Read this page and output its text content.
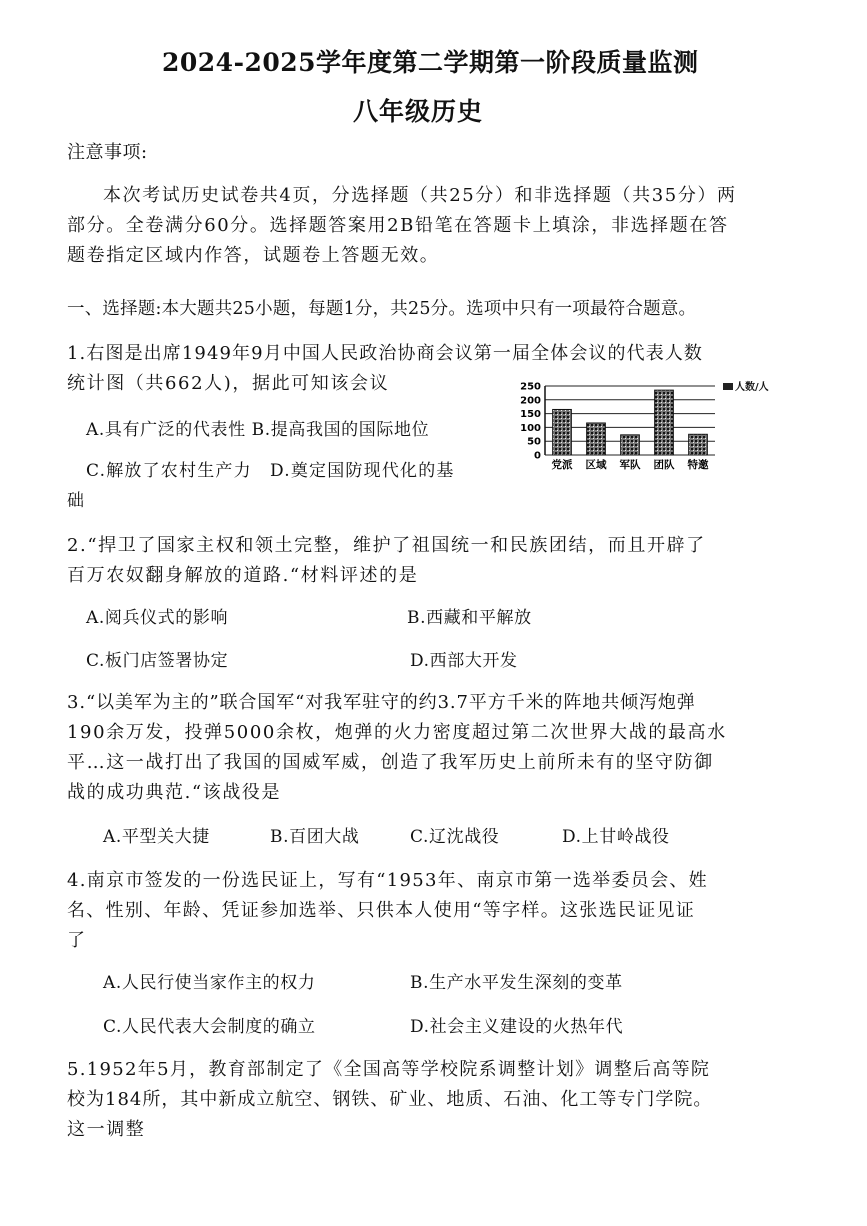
2024-2025学年度第二学期第一阶段质量监测
八年级历史
注意事项:
本次考试历史试卷共4页，分选择题（共25分）和非选择题（共35分）两
部分。全卷满分60分。选择题答案用2B铅笔在答题卡上填涂，非选择题在答
题卷指定区域内作答，试题卷上答题无效。
一、选择题:本大题共25小题，每题1分，共25分。选项中只有一项最符合题意。
1.右图是出席1949年9月中国人民政治协商会议第一届全体会议的代表人数
统计图（共662人)，据此可知该会议
A.具有广泛的代表性 B.提高我国的国际地位
C.解放了农村生产力　D.奠定国防现代化的基
础
0
50
100
150
200
250
党派 区域 军队 团队 特邀
人数/人
2.“捍卫了国家主权和领土完整，维护了祖国统一和民族团结，而且开辟了
百万农奴翻身解放的道路.“材料评述的是
A.阅兵仪式的影响	B.西藏和平解放
C.板门店签署协定	D.西部大开发
3.“以美军为主的”联合国军“对我军驻守的约3.7平方千米的阵地共倾泻炮弹
190余万发，投弹5000余枚，炮弹的火力密度超过第二次世界大战的最高水
平…这一战打出了我国的国威军威，创造了我军历史上前所未有的坚守防御
战的成功典范.“该战役是
A.平型关大捷	B.百团大战	C.辽沈战役	D.上甘岭战役
4.南京市签发的一份选民证上，写有“1953年、南京市第一选举委员会、姓
名、性别、年龄、凭证参加选举、只供本人使用“等字样。这张选民证见证
了
A.人民行使当家作主的权力	B.生产水平发生深刻的变革
C.人民代表大会制度的确立	D.社会主义建设的火热年代
5.1952年5月，教育部制定了《全国高等学校院系调整计划》调整后高等院
校为184所，其中新成立航空、钢铁、矿业、地质、石油、化工等专门学院。
这一调整
